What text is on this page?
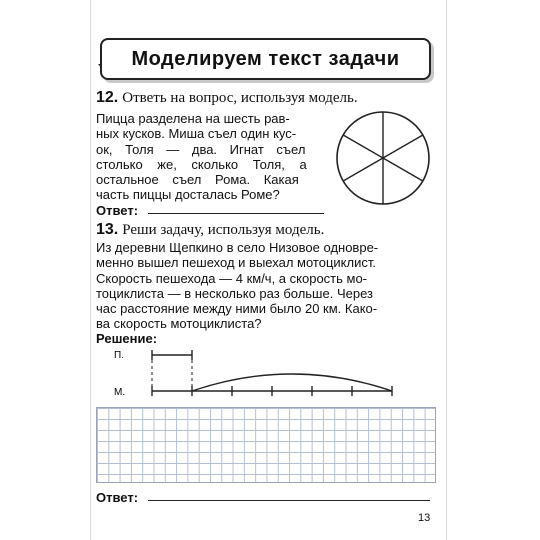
Моделируем текст задачи
12. Ответь на вопрос, используя модель.
Пицца разделена на шесть рав-
ных кусков. Миша съел один кус-
ок, Толя — два. Игнат съел
столько же, сколько Толя, а
остальное съел Рома. Какая
часть пиццы досталась Роме?
Ответ:
13. Реши задачу, используя модель.
Из деревни Щепкино в село Низовое одновре-
менно вышел пешеход и выехал мотоциклист.
Скорость пешехода — 4 км/ч, а скорость мо-
тоциклиста — в несколько раз больше. Через
час расстояние между ними было 20 км. Како-
ва скорость мотоциклиста?
Решение:
П.
М.
Ответ:
13
